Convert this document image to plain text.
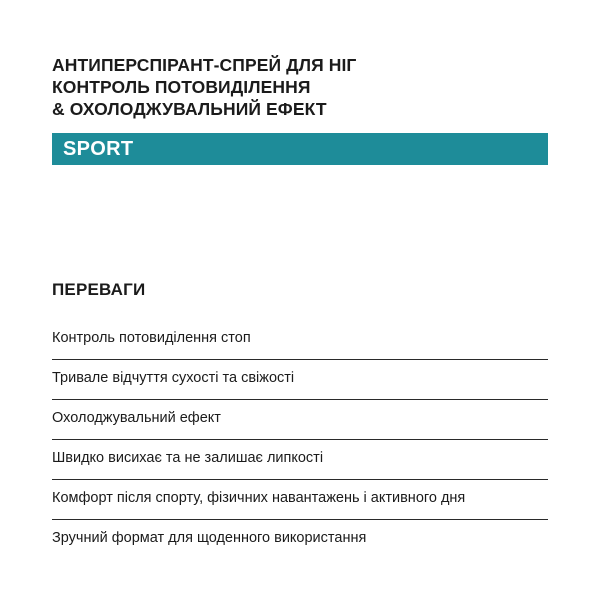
АНТИПЕРСПІРАНТ-СПРЕЙ ДЛЯ НІГ
КОНТРОЛЬ ПОТОВИДІЛЕННЯ
& ОХОЛОДЖУВАЛЬНИЙ ЕФЕКТ
SPORT
ПЕРЕВАГИ
Контроль потовиділення стоп
Тривале відчуття сухості та свіжості
Охолоджувальний ефект
Швидко висихає та не залишає липкості
Комфорт після спорту, фізичних навантажень і активного дня
Зручний формат для щоденного використання
